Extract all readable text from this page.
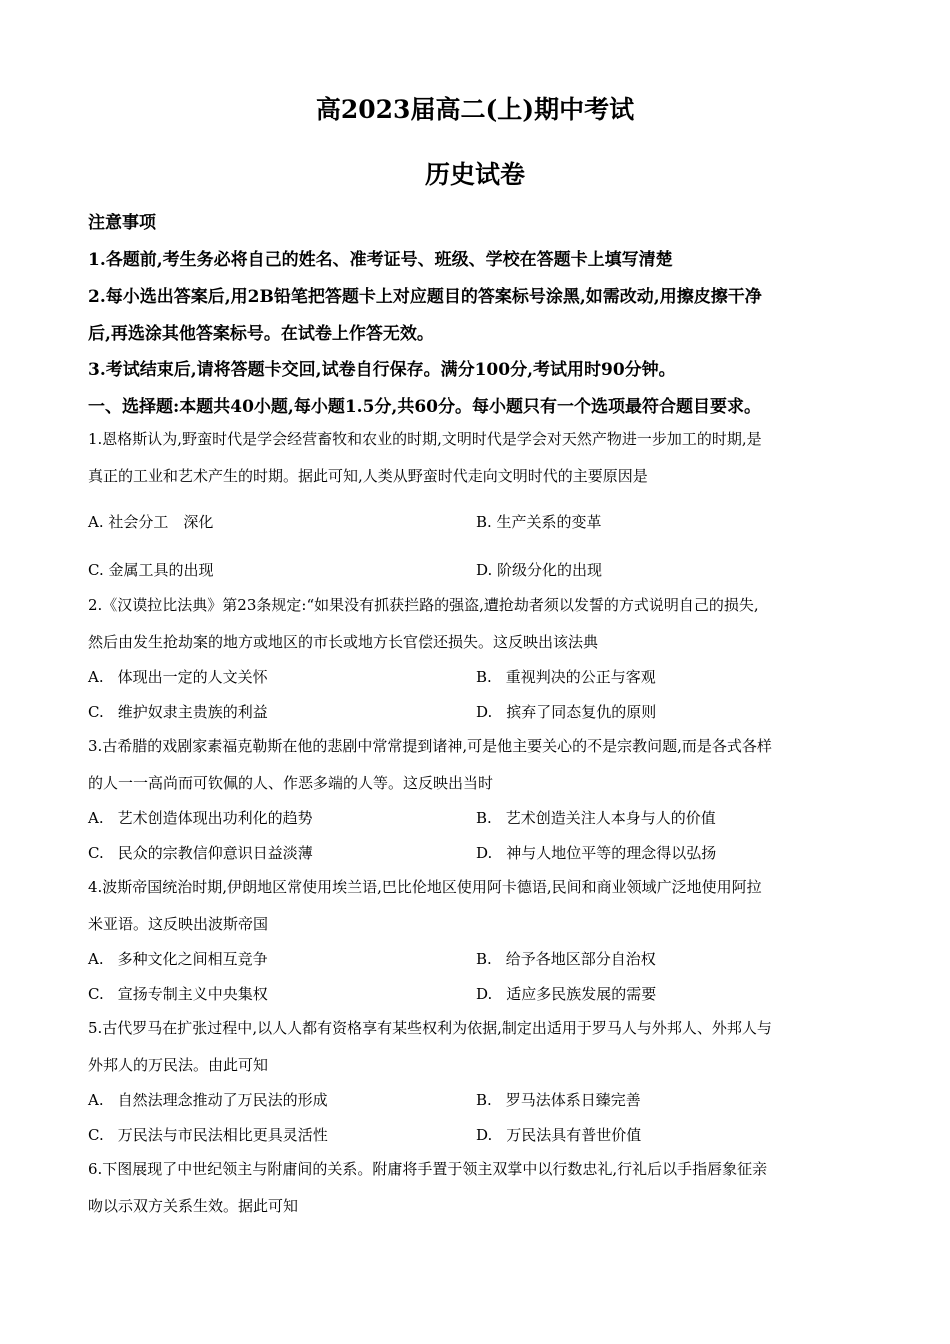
高2023届高二(上)期中考试
历史试卷
注意事项
1.各题前,考生务必将自己的姓名、准考证号、班级、学校在答题卡上填写清楚
2.每小选出答案后,用2B铅笔把答题卡上对应题目的答案标号涂黑,如需改动,用擦皮擦干净
后,再选涂其他答案标号。在试卷上作答无效。
3.考试结束后,请将答题卡交回,试卷自行保存。满分100分,考试用时90分钟。
一、选择题:本题共40小题,每小题1.5分,共60分。每小题只有一个选项最符合题目要求。
1.恩格斯认为,野蛮时代是学会经营畜牧和农业的时期,文明时代是学会对天然产物进一步加工的时期,是
真正的工业和艺术产生的时期。据此可知,人类从野蛮时代走向文明时代的主要原因是
A. 社会分工　深化	B. 生产关系的变革
C. 金属工具的出现	D. 阶级分化的出现
2.《汉谟拉比法典》第23条规定:“如果没有抓获拦路的强盗,遭抢劫者须以发誓的方式说明自己的损失,
然后由发生抢劫案的地方或地区的市长或地方长官偿还损失。这反映出该法典
A. 体现出一定的人文关怀	B. 重视判决的公正与客观
C. 维护奴隶主贵族的利益	D. 摈弃了同态复仇的原则
3.古希腊的戏剧家素福克勒斯在他的悲剧中常常提到诸神,可是他主要关心的不是宗教问题,而是各式各样
的人一一高尚而可钦佩的人、作恶多端的人等。这反映出当时
A. 艺术创造体现出功利化的趋势	B. 艺术创造关注人本身与人的价值
C. 民众的宗教信仰意识日益淡薄	D. 神与人地位平等的理念得以弘扬
4.波斯帝国统治时期,伊朗地区常使用埃兰语,巴比伦地区使用阿卡德语,民间和商业领域广泛地使用阿拉
米亚语。这反映出波斯帝国
A. 多种文化之间相互竞争	B. 给予各地区部分自治权
C. 宣扬专制主义中央集权	D. 适应多民族发展的需要
5.古代罗马在扩张过程中,以人人都有资格享有某些权利为依据,制定出适用于罗马人与外邦人、外邦人与
外邦人的万民法。由此可知
A. 自然法理念推动了万民法的形成	B. 罗马法体系日臻完善
C. 万民法与市民法相比更具灵活性	D. 万民法具有普世价值
6.下图展现了中世纪领主与附庸间的关系。附庸将手置于领主双掌中以行数忠礼,行礼后以手指唇象征亲
吻以示双方关系生效。据此可知
